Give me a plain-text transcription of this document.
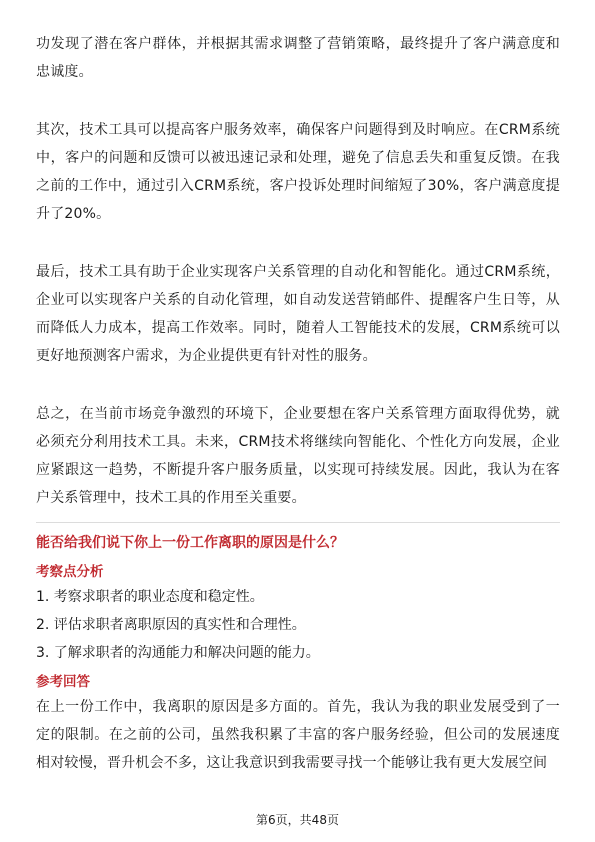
功发现了潜在客户群体，并根据其需求调整了营销策略，最终提升了客户满意度和忠诚度。

其次，技术工具可以提高客户服务效率，确保客户问题得到及时响应。在CRM系统中，客户的问题和反馈可以被迅速记录和处理，避免了信息丢失和重复反馈。在我之前的工作中，通过引入CRM系统，客户投诉处理时间缩短了30%，客户满意度提升了20%。

最后，技术工具有助于企业实现客户关系管理的自动化和智能化。通过CRM系统，企业可以实现客户关系的自动化管理，如自动发送营销邮件、提醒客户生日等，从而降低人力成本，提高工作效率。同时，随着人工智能技术的发展，CRM系统可以更好地预测客户需求，为企业提供更有针对性的服务。

总之，在当前市场竞争激烈的环境下，企业要想在客户关系管理方面取得优势，就必须充分利用技术工具。未来，CRM技术将继续向智能化、个性化方向发展，企业应紧跟这一趋势，不断提升客户服务质量，以实现可持续发展。因此，我认为在客户关系管理中，技术工具的作用至关重要。

能否给我们说下你上一份工作离职的原因是什么？

考察点分析

1. 考察求职者的职业态度和稳定性。
2. 评估求职者离职原因的真实性和合理性。
3. 了解求职者的沟通能力和解决问题的能力。

参考回答

在上一份工作中，我离职的原因是多方面的。首先，我认为我的职业发展受到了一定的限制。在之前的公司，虽然我积累了丰富的客户服务经验，但公司的发展速度相对较慢，晋升机会不多，这让我意识到我需要寻找一个能够让我有更大发展空间

第6页，共48页
